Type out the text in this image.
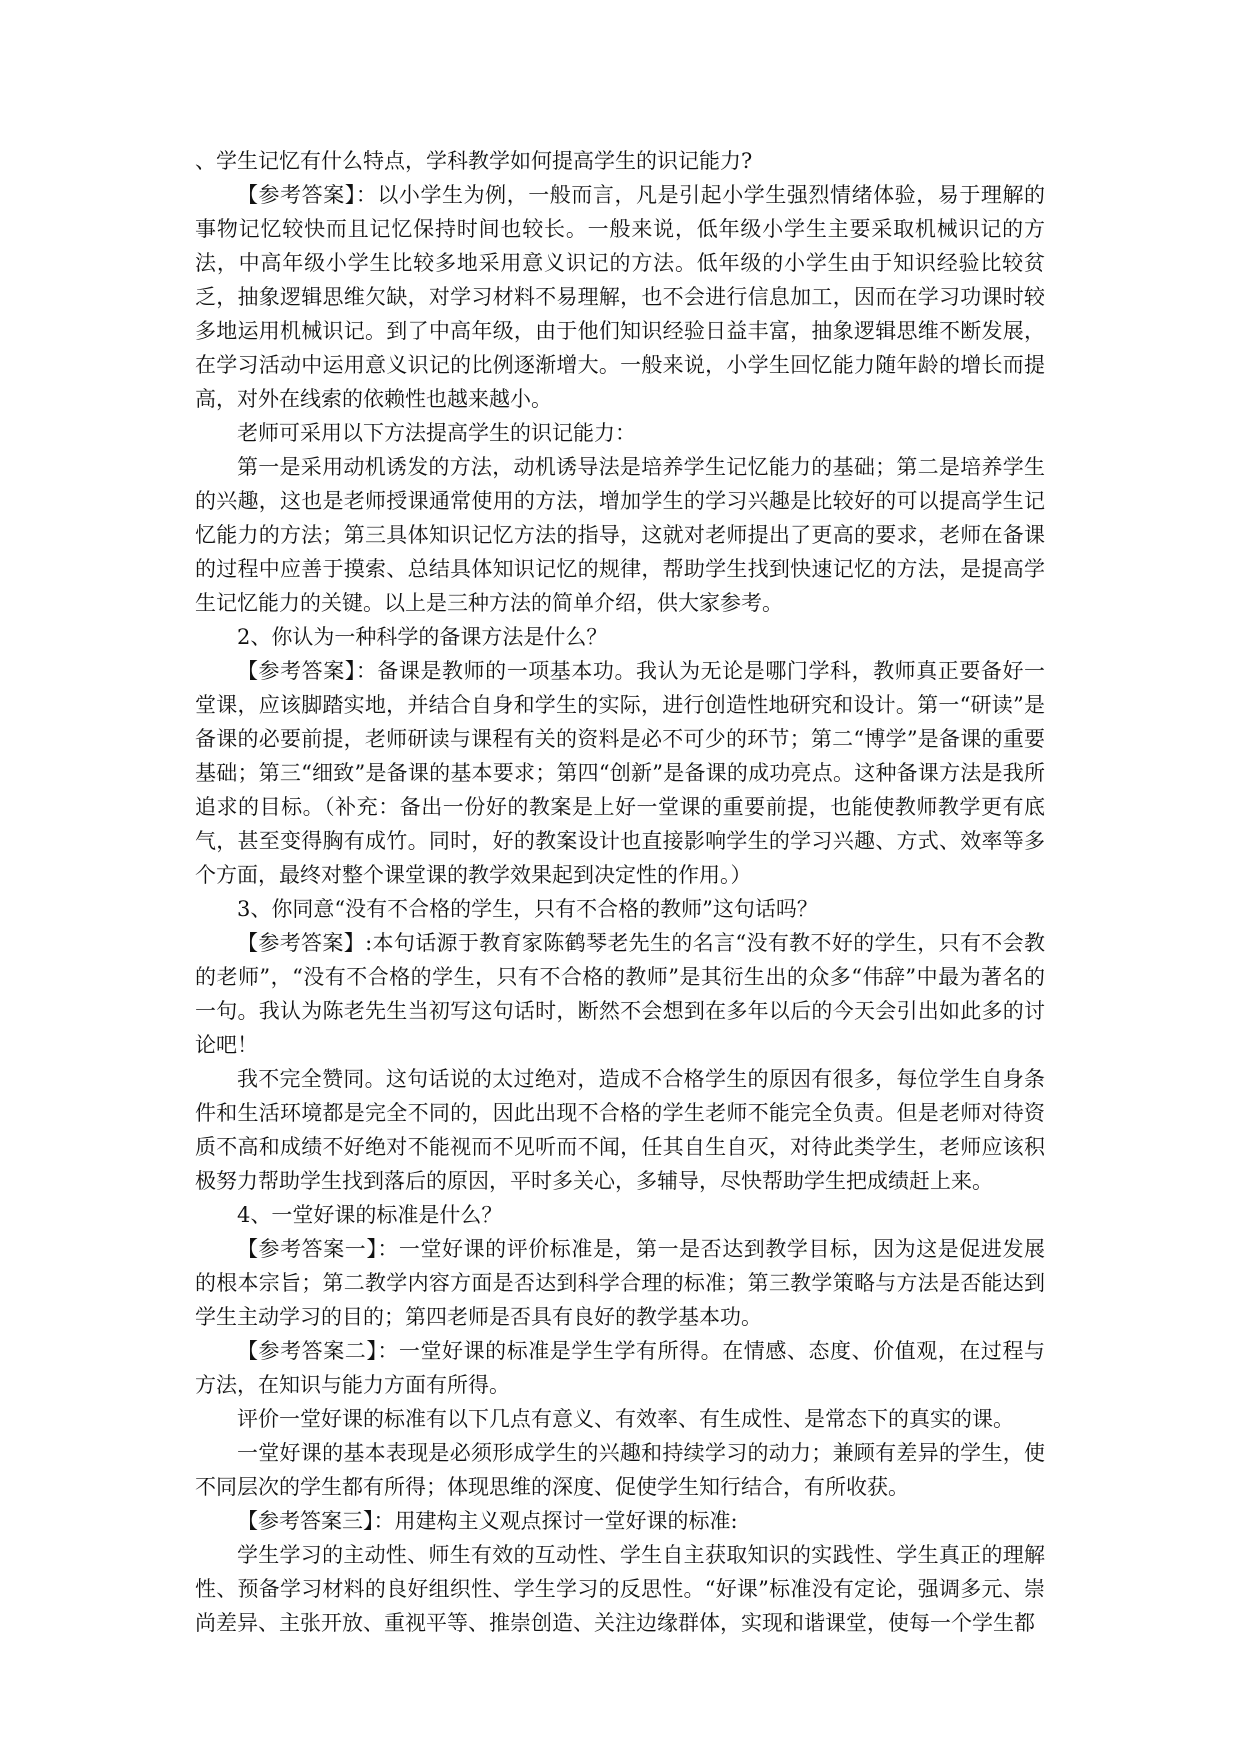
、学生记忆有什么特点，学科教学如何提高学生的识记能力?

【参考答案】：以小学生为例，一般而言，凡是引起小学生强烈情绪体验，易于理解的事物记忆较快而且记忆保持时间也较长。一般来说，低年级小学生主要采取机械识记的方法，中高年级小学生比较多地采用意义识记的方法。低年级的小学生由于知识经验比较贫乏，抽象逻辑思维欠缺，对学习材料不易理解，也不会进行信息加工，因而在学习功课时较多地运用机械识记。到了中高年级，由于他们知识经验日益丰富，抽象逻辑思维不断发展，在学习活动中运用意义识记的比例逐渐增大。一般来说，小学生回忆能力随年龄的增长而提高，对外在线索的依赖性也越来越小。

老师可采用以下方法提高学生的识记能力：

第一是采用动机诱发的方法，动机诱导法是培养学生记忆能力的基础；第二是培养学生的兴趣，这也是老师授课通常使用的方法，增加学生的学习兴趣是比较好的可以提高学生记忆能力的方法；第三具体知识记忆方法的指导，这就对老师提出了更高的要求，老师在备课的过程中应善于摸索、总结具体知识记忆的规律，帮助学生找到快速记忆的方法，是提高学生记忆能力的关键。以上是三种方法的简单介绍，供大家参考。

2、你认为一种科学的备课方法是什么？

【参考答案】：备课是教师的一项基本功。我认为无论是哪门学科，教师真正要备好一堂课，应该脚踏实地，并结合自身和学生的实际，进行创造性地研究和设计。第一“研读”是备课的必要前提，老师研读与课程有关的资料是必不可少的环节；第二“博学”是备课的重要基础；第三“细致”是备课的基本要求；第四“创新”是备课的成功亮点。这种备课方法是我所追求的目标。（补充：备出一份好的教案是上好一堂课的重要前提，也能使教师教学更有底气，甚至变得胸有成竹。同时，好的教案设计也直接影响学生的学习兴趣、方式、效率等多个方面，最终对整个课堂课的教学效果起到决定性的作用。）

3、你同意“没有不合格的学生，只有不合格的教师”这句话吗？

【参考答案】:本句话源于教育家陈鹤琴老先生的名言“没有教不好的学生，只有不会教的老师”，“没有不合格的学生，只有不合格的教师”是其衍生出的众多“伟辞”中最为著名的一句。我认为陈老先生当初写这句话时，断然不会想到在多年以后的今天会引出如此多的讨论吧！

我不完全赞同。这句话说的太过绝对，造成不合格学生的原因有很多，每位学生自身条件和生活环境都是完全不同的，因此出现不合格的学生老师不能完全负责。但是老师对待资质不高和成绩不好绝对不能视而不见听而不闻，任其自生自灭，对待此类学生，老师应该积极努力帮助学生找到落后的原因，平时多关心，多辅导，尽快帮助学生把成绩赶上来。

4、一堂好课的标准是什么？

【参考答案一】：一堂好课的评价标准是，第一是否达到教学目标，因为这是促进发展的根本宗旨；第二教学内容方面是否达到科学合理的标准；第三教学策略与方法是否能达到学生主动学习的目的；第四老师是否具有良好的教学基本功。

【参考答案二】：一堂好课的标准是学生学有所得。在情感、态度、价值观，在过程与方法，在知识与能力方面有所得。

评价一堂好课的标准有以下几点有意义、有效率、有生成性、是常态下的真实的课。

一堂好课的基本表现是必须形成学生的兴趣和持续学习的动力；兼顾有差异的学生，使不同层次的学生都有所得；体现思维的深度、促使学生知行结合，有所收获。

【参考答案三】：用建构主义观点探讨一堂好课的标准:

学生学习的主动性、师生有效的互动性、学生自主获取知识的实践性、学生真正的理解性、预备学习材料的良好组织性、学生学习的反思性。“好课”标准没有定论，强调多元、崇尚差异、主张开放、重视平等、推崇创造、关注边缘群体，实现和谐课堂，使每一个学生都
